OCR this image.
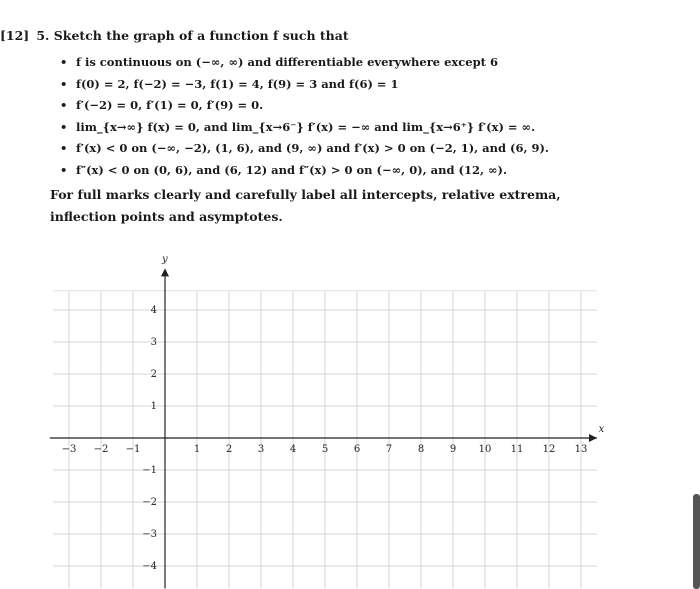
[12] 5. Sketch the graph of a function f such that
• f is continuous on (−∞, ∞) and differentiable everywhere except 6
• f(0) = 2, f(−2) = −3, f(1) = 4, f(9) = 3 and f(6) = 1
• f′(−2) = 0, f′(1) = 0, f′(9) = 0.
• lim_{x→∞} f(x) = 0, and lim_{x→6⁻} f′(x) = −∞ and lim_{x→6⁺} f′(x) = ∞.
• f′(x) < 0 on (−∞, −2), (1, 6), and (9, ∞) and f′(x) > 0 on (−2, 1), and (6, 9).
• f″(x) < 0 on (0, 6), and (6, 12) and f″(x) > 0 on (−∞, 0), and (12, ∞).
For full marks clearly and carefully label all intercepts, relative extrema, inflection points and asymptotes.
x
y
−3 −2 −1	1	2	3	4	5	6	7	8	9 10 11 12 13
1
2
3
4
−1
−2
−3
−4
